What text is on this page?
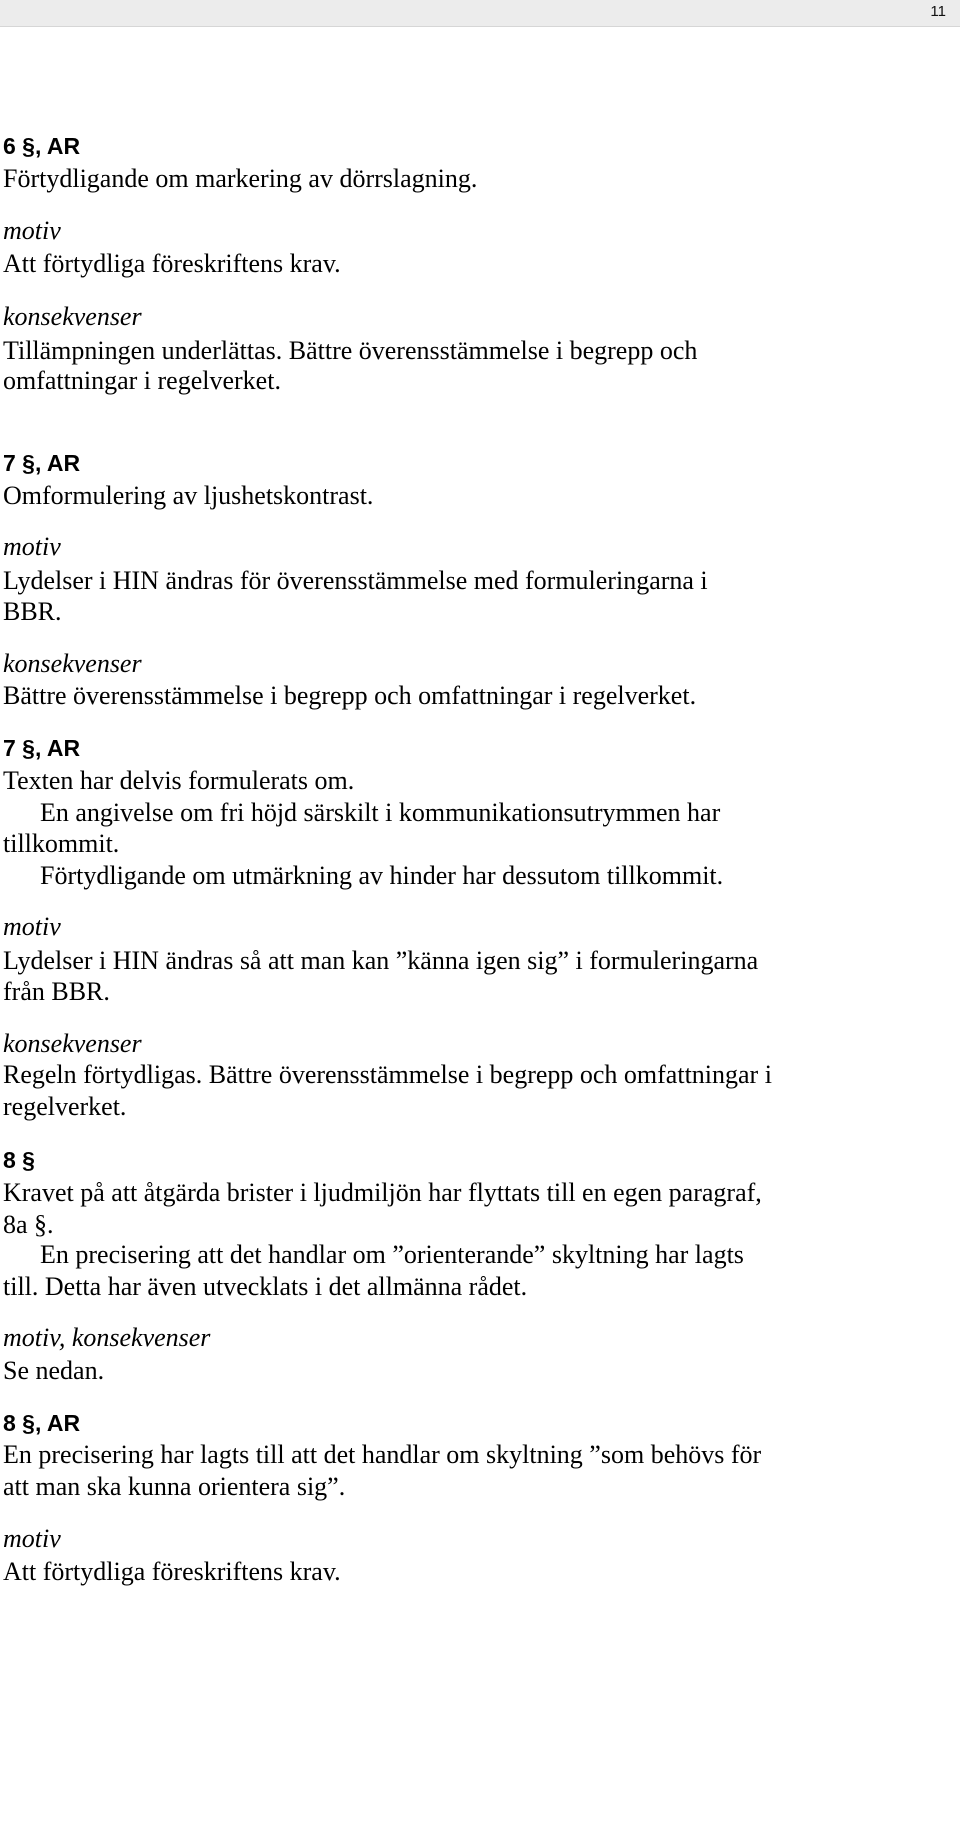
11
6 §, AR
Förtydligande om markering av dörrslagning.
motiv
Att förtydliga föreskriftens krav.
konsekvenser
Tillämpningen underlättas. Bättre överensstämmelse i begrepp och
omfattningar i regelverket.
7 §, AR
Omformulering av ljushetskontrast.
motiv
Lydelser i HIN ändras för överensstämmelse med formuleringarna i
BBR.
konsekvenser
Bättre överensstämmelse i begrepp och omfattningar i regelverket.
7 §, AR
Texten har delvis formulerats om.
En angivelse om fri höjd särskilt i kommunikationsutrymmen har
tillkommit.
Förtydligande om utmärkning av hinder har dessutom tillkommit.
motiv
Lydelser i HIN ändras så att man kan ”känna igen sig” i formuleringarna
från BBR.
konsekvenser
Regeln förtydligas. Bättre överensstämmelse i begrepp och omfattningar i
regelverket.
8 §
Kravet på att åtgärda brister i ljudmiljön har flyttats till en egen paragraf,
8a §.
En precisering att det handlar om ”orienterande” skyltning har lagts
till. Detta har även utvecklats i det allmänna rådet.
motiv, konsekvenser
Se nedan.
8 §, AR
En precisering har lagts till att det handlar om skyltning ”som behövs för
att man ska kunna orientera sig”.
motiv
Att förtydliga föreskriftens krav.
